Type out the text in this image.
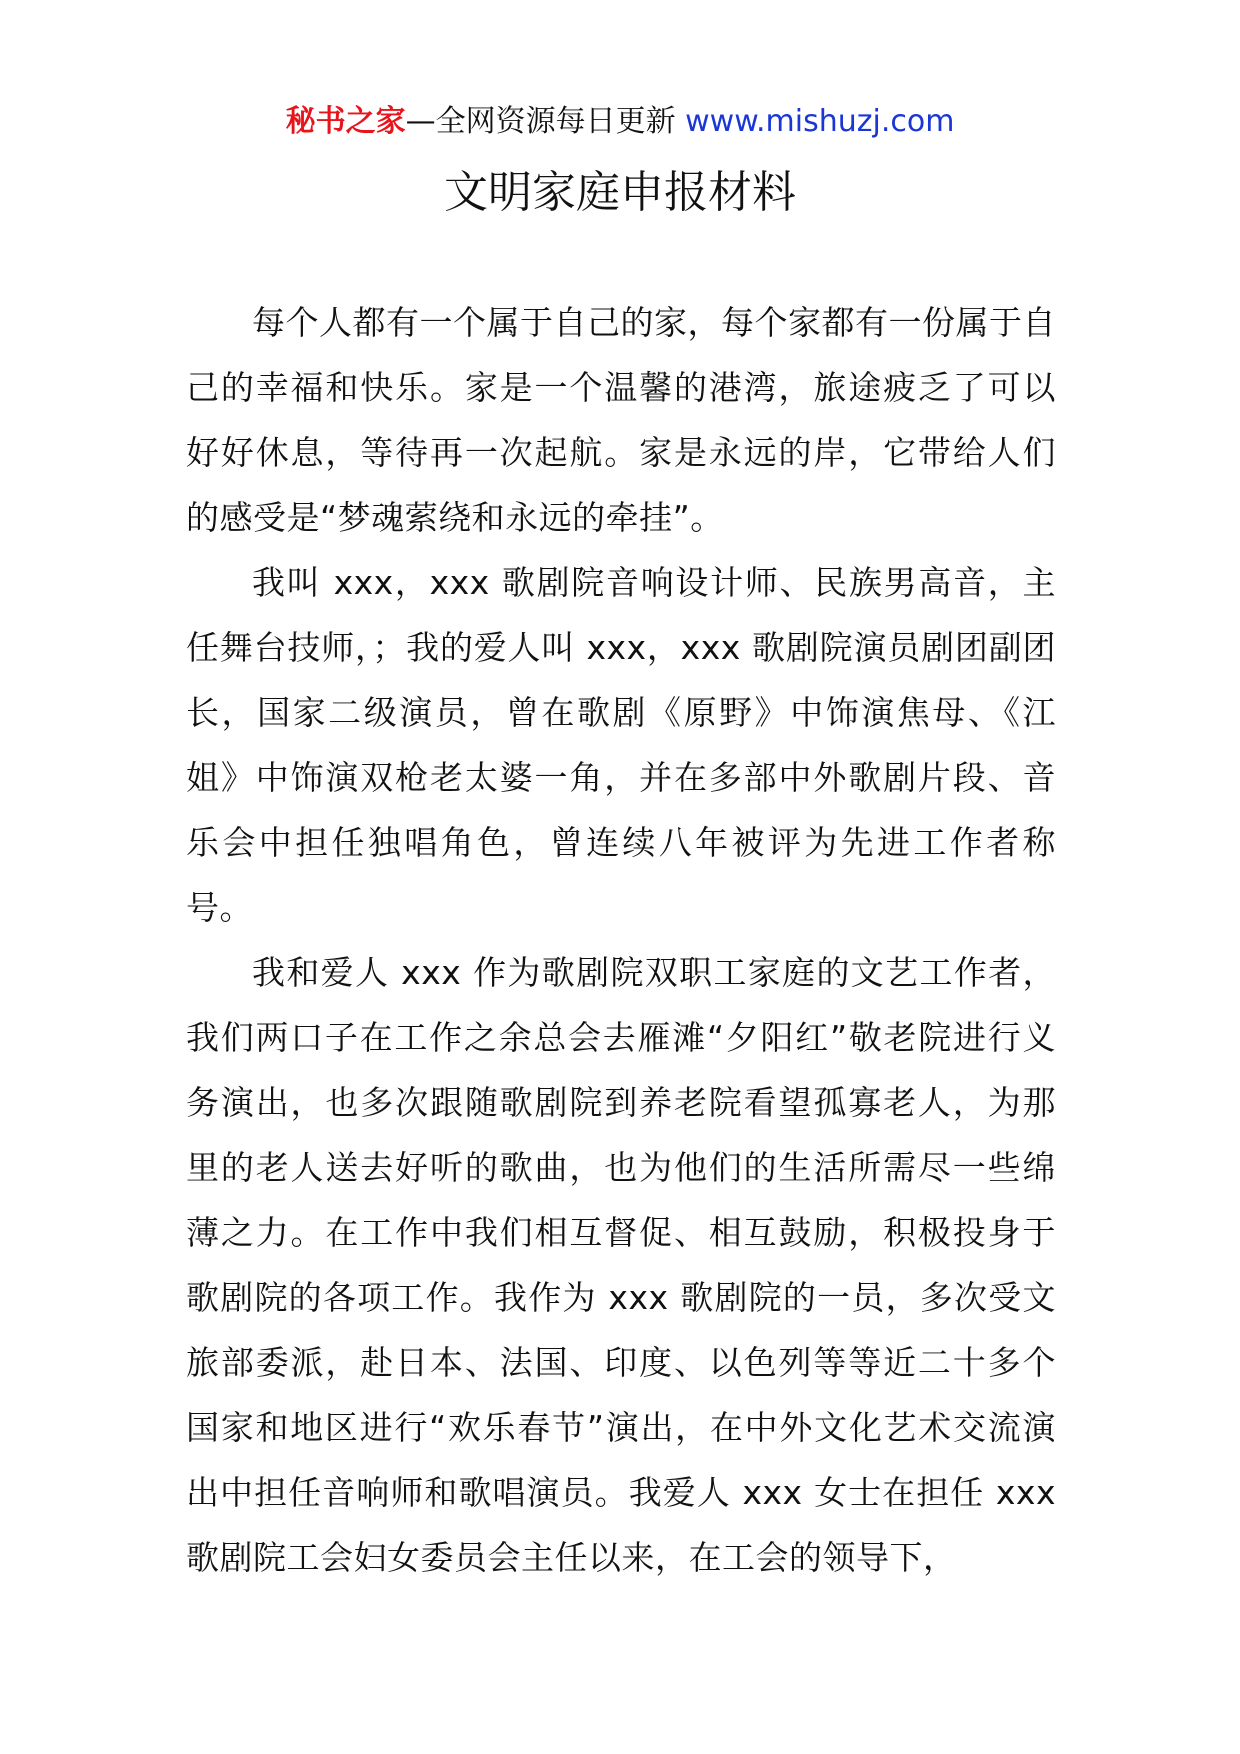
秘书之家—全网资源每日更新 www.mishuzj.com
文明家庭申报材料

每个人都有一个属于自己的家，每个家都有一份属于自己的幸福和快乐。家是一个温馨的港湾，旅途疲乏了可以好好休息，等待再一次起航。家是永远的岸，它带给人们的感受是“梦魂萦绕和永远的牵挂”。

我叫 xxx，xxx 歌剧院音响设计师、民族男高音，主任舞台技师，；我的爱人叫 xxx，xxx 歌剧院演员剧团副团长，国家二级演员，曾在歌剧《原野》中饰演焦母、《江姐》中饰演双枪老太婆一角，并在多部中外歌剧片段、音乐会中担任独唱角色，曾连续八年被评为先进工作者称号。

我和爱人 xxx 作为歌剧院双职工家庭的文艺工作者，我们两口子在工作之余总会去雁滩“夕阳红”敬老院进行义务演出，也多次跟随歌剧院到养老院看望孤寡老人，为那里的老人送去好听的歌曲，也为他们的生活所需尽一些绵薄之力。在工作中我们相互督促、相互鼓励，积极投身于歌剧院的各项工作。我作为 xxx 歌剧院的一员，多次受文旅部委派，赴日本、法国、印度、以色列等等近二十多个国家和地区进行“欢乐春节”演出，在中外文化艺术交流演出中担任音响师和歌唱演员。我爱人 xxx 女士在担任 xxx 歌剧院工会妇女委员会主任以来，在工会的领导下，
